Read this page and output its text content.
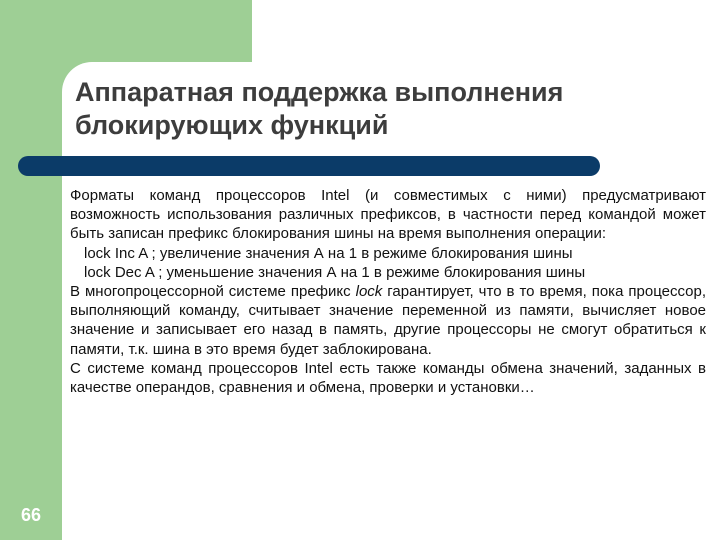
Аппаратная поддержка выполнения
блокирующих функций

Форматы команд процессоров Intel (и совместимых с ними) предусматривают возможность использования различных префиксов, в частности перед командой может быть записан префикс блокирования шины на время выполнения операции:

lock Inc A ; увеличение значения А на 1 в режиме блокирования шины

lock Dec A ; уменьшение значения А на 1 в режиме блокирования шины

В многопроцессорной системе префикс lock гарантирует, что в то время, пока процессор, выполняющий команду, считывает значение переменной из памяти, вычисляет новое значение и записывает его назад в память, другие процессоры не смогут обратиться к памяти, т.к. шина в это время будет заблокирована.

С системе команд процессоров Intel есть также команды обмена значений, заданных в качестве операндов, сравнения и обмена, проверки и установки…

66
